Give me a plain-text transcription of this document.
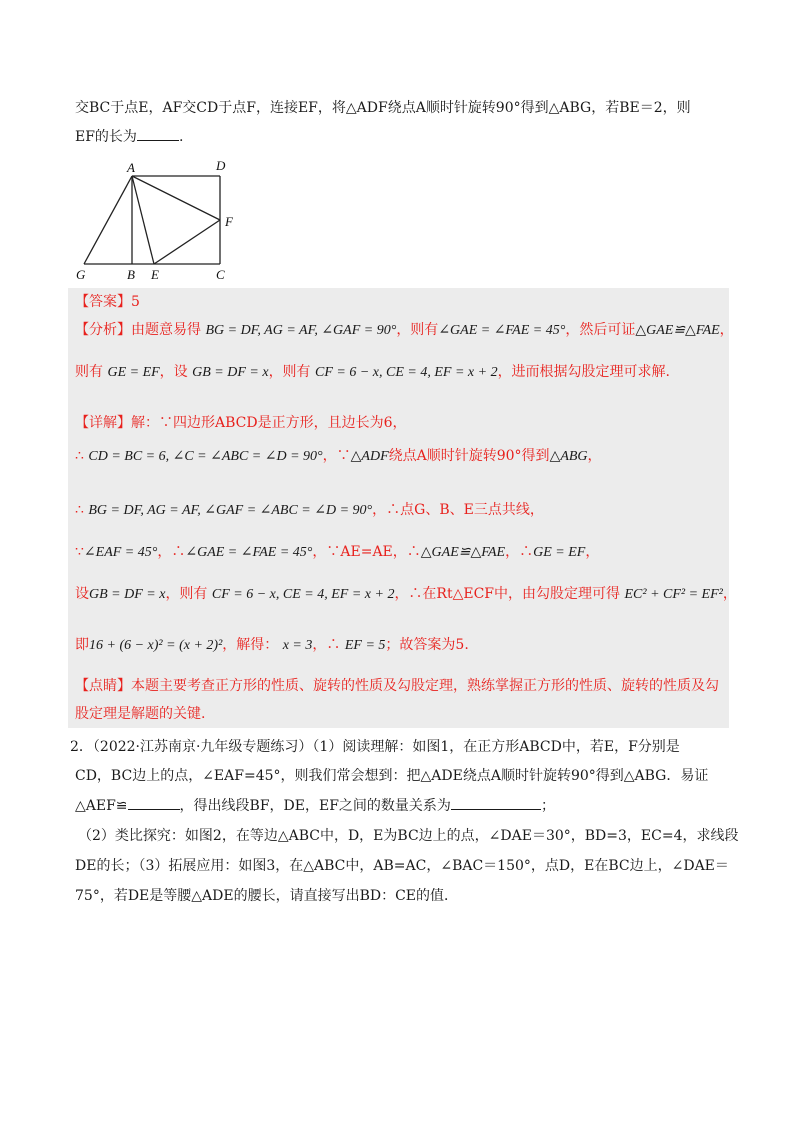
交BC于点E，AF交CD于点F，连接EF，将△ADF绕点A顺时针旋转90°得到△ABG，若BE＝2，则
EF的长为	.
A	D
F
G	B E	C
【答案】5
【分析】由题意易得 BG = DF, AG = AF, ∠GAF = 90°，则有∠GAE = ∠FAE = 45°，然后可证△GAE≌△FAE，
则有 GE = EF，设 GB = DF = x，则有 CF = 6 − x, CE = 4, EF = x + 2，进而根据勾股定理可求解.
【详解】解：∵四边形ABCD是正方形，且边长为6，
∴ CD = BC = 6, ∠C = ∠ABC = ∠D = 90°，∵△ADF绕点A顺时针旋转90°得到△ABG，
∴ BG = DF, AG = AF, ∠GAF = ∠ABC = ∠D = 90°，∴点G、B、E三点共线，
∵∠EAF = 45°，∴∠GAE = ∠FAE = 45°，∵AE=AE，∴△GAE≌△FAE，∴GE = EF，
设GB = DF = x，则有 CF = 6 − x, CE = 4, EF = x + 2，∴在Rt△ECF中，由勾股定理可得 EC² + CF² = EF²，
即16 + (6 − x)² = (x + 2)²，解得： x = 3，∴ EF = 5；故答案为5.
【点睛】本题主要考查正方形的性质、旋转的性质及勾股定理，熟练掌握正方形的性质、旋转的性质及勾
股定理是解题的关键.
2．（2022·江苏南京·九年级专题练习）（1）阅读理解：如图1，在正方形ABCD中，若E，F分别是
CD，BC边上的点，∠EAF=45°，则我们常会想到：把△ADE绕点A顺时针旋转90°得到△ABG．易证
△AEF≌	，得出线段BF，DE，EF之间的数量关系为	；
（2）类比探究：如图2，在等边△ABC中，D，E为BC边上的点，∠DAE＝30°，BD=3，EC=4，求线段
DE的长；（3）拓展应用：如图3，在△ABC中，AB=AC，∠BAC＝150°，点D，E在BC边上，∠DAE＝
75°，若DE是等腰△ADE的腰长，请直接写出BD：CE的值．
